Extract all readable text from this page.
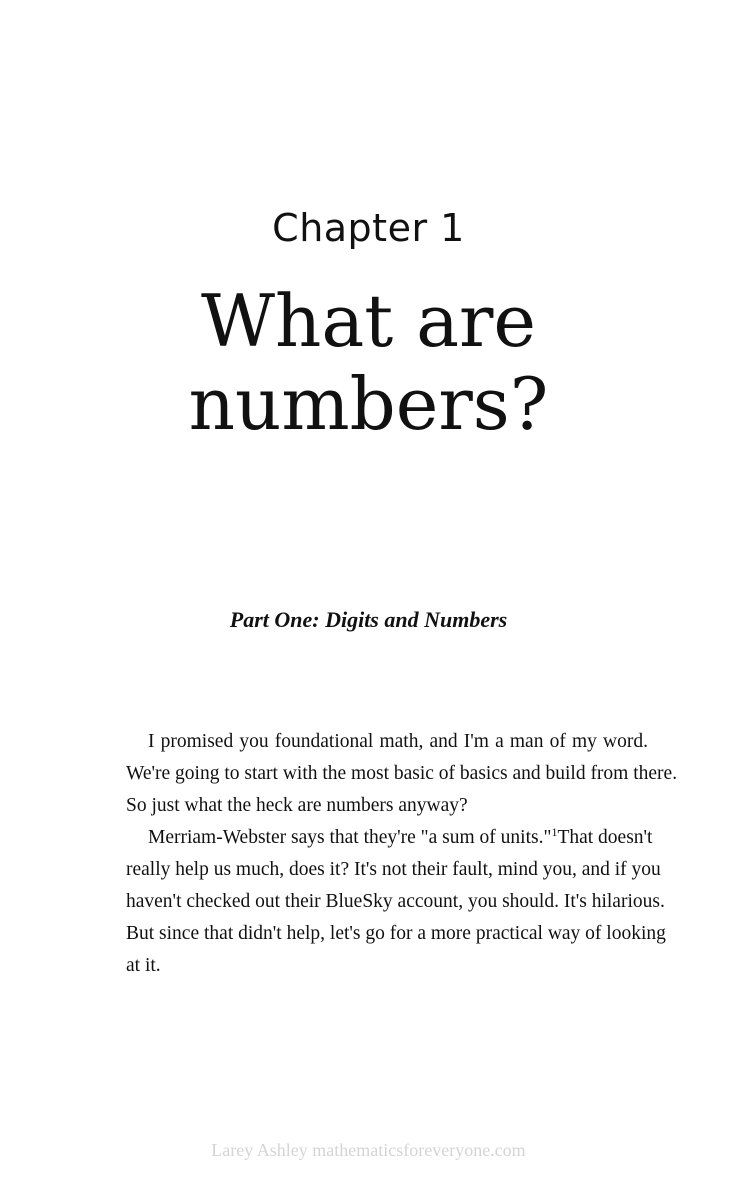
Chapter 1
What are
numbers?
Part One: Digits and Numbers
I promised you foundational math, and I'm a man of my word.
We're going to start with the most basic of basics and build from there.
So just what the heck are numbers anyway?
Merriam-Webster says that they're "a sum of units."$^1$ That doesn't
really help us much, does it? It's not their fault, mind you, and if you
haven't checked out their BlueSky account, you should. It's hilarious.
But since that didn't help, let's go for a more practical way of looking
at it.
Larey Ashley mathematicsforeveryone.com
